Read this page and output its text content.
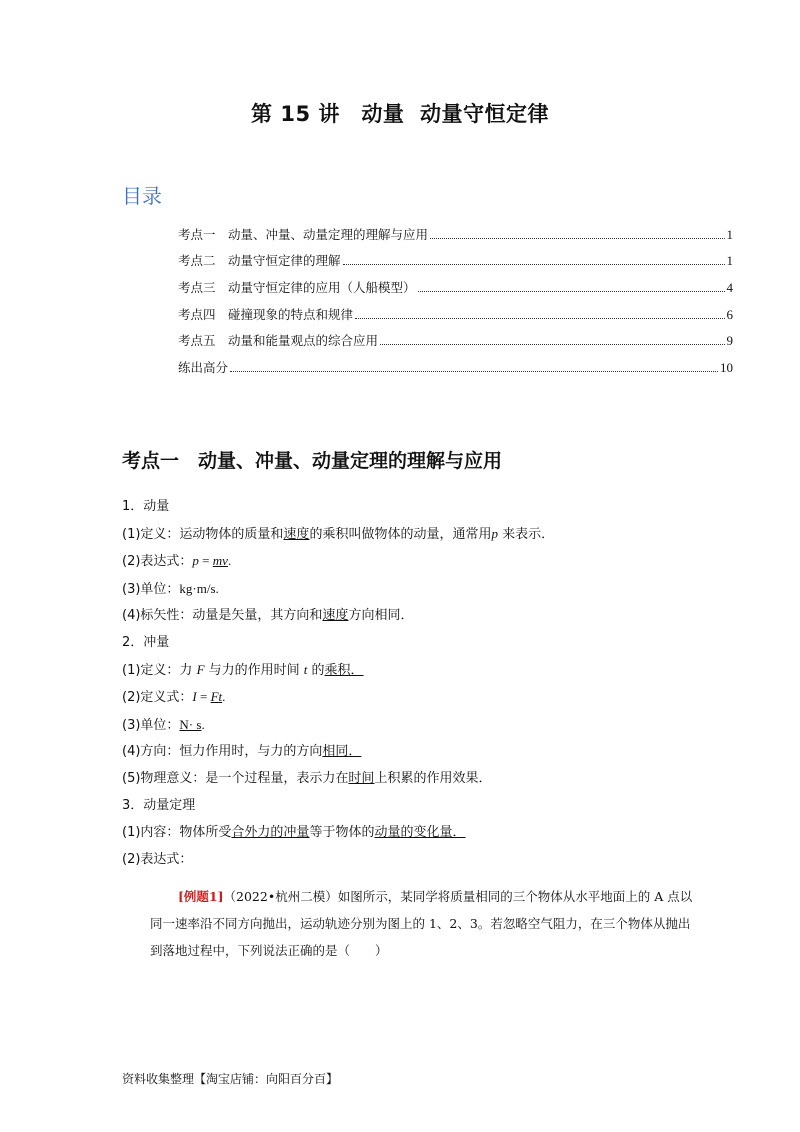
第 15 讲　动量  动量守恒定律
目录
考点一　动量、冲量、动量定理的理解与应用	1
考点二　动量守恒定律的理解	1
考点三　动量守恒定律的应用（人船模型）	4
考点四　碰撞现象的特点和规律	6
考点五　动量和能量观点的综合应用	9
练出高分	10
考点一　动量、冲量、动量定理的理解与应用
1．动量
(1)定义：运动物体的质量和速度的乘积叫做物体的动量，通常用p 来表示．
(2)表达式：p = mv.
(3)单位：kg·m/s.
(4)标矢性：动量是矢量，其方向和速度方向相同．
2．冲量
(1)定义：力 F 与力的作用时间 t 的乘积．
(2)定义式：I = Ft.
(3)单位：N· s.
(4)方向：恒力作用时，与力的方向相同．
(5)物理意义：是一个过程量，表示力在时间上积累的作用效果．
3．动量定理
(1)内容：物体所受合外力的冲量等于物体的动量的变化量．
(2)表达式：
[例题1]（2022•杭州二模）如图所示，某同学将质量相同的三个物体从水平地面上的 A 点以同一速率沿不同方向抛出，运动轨迹分别为图上的 1、2、3。若忽略空气阻力，在三个物体从抛出到落地过程中，下列说法正确的是（　　）
资料收集整理【淘宝店铺：向阳百分百】
